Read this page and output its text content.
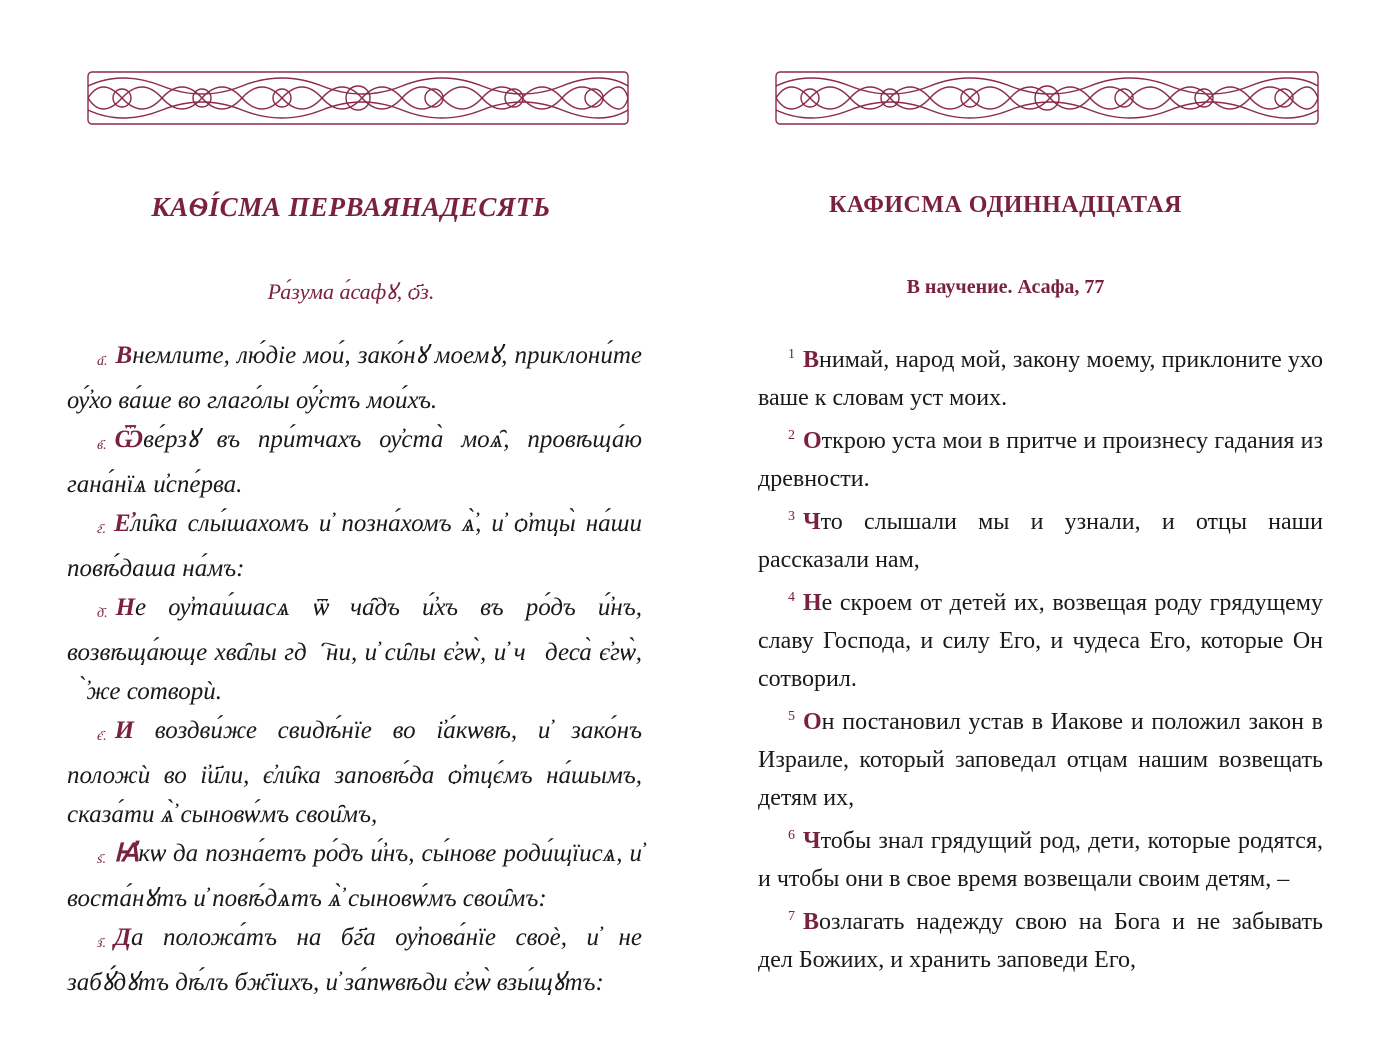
КАѲІ́СМА ПЕРВАЯНАДЕСЯТЬ
Ра́зума а́сафꙋ, ѻ҃з.

а҃. Внемлите, лю́діе мои́, зако́нꙋ моемꙋ, приклони́те ѹ҆́хо ва́ше во глаго́лы ѹ҆́стъ мои́хъ.

в҃. Ѿве́рзꙋ въ при́тчахъ ѹ҆ста̀ моѧ̑, провѣща́ю гана́нїѧ и҆спе́рва.

г҃. Е҆ли̑ка слы́шахомъ и҆ позна́хомъ ѧ҆̀, и҆ ѻ҆тцы̀ на́ши повѣ́даша на́мъ:

д҃. Не ѹ҆таи́шасѧ ѿ ча̑дъ и҆́хъ въ ро́дъ и҆́нъ, возвѣща́юще хва̑лы гдⷭ҇ни, и҆ си̑лы є҆гѡ̀, и҆ чꙋдеса̀ є҆гѡ̀, ꙗ҆̀же сотворѝ.

є҃. И воздви́же свидѣ́нїе во і҆а́кѡвѣ, и҆ зако́нъ положѝ во і҆и҃ли, є҆ли̑ка заповѣ́да ѻ҆тцє́мъ на́шымъ, сказа́ти ѧ҆̀ сыновѡ́мъ свои̑мъ,

ѕ҃. Ꙗ҆кѡ да позна́етъ ро́дъ и҆́нъ, сы́нове роди́щїисѧ, и҆ воста́нꙋтъ и҆ повѣ́дѧтъ ѧ҆̀ сыновѡ́мъ свои̑мъ:

з҃. Да положа́тъ на бг҃а ѹ҆пова́нїе своѐ, и҆ не забꙋ́дꙋтъ дѣ́лъ бж҃їихъ, и҆ за́пѡвѣди є҆гѡ̀ взы́щꙋтъ:

КАФИСМА ОДИННАДЦАТАЯ
В научение. Асафа, 77

$^1$ Внимай, народ мой, закону моему, приклоните ухо ваше к словам уст моих.

$^2$ Открою уста мои в притче и произнесу гадания из древности.

$^3$ Что слышали мы и узнали, и отцы наши рассказали нам,

$^4$ Не скроем от детей их, возвещая роду грядущему славу Господа, и силу Его, и чудеса Его, которые Он сотворил.

$^5$ Он постановил устав в Иакове и положил закон в Израиле, который заповедал отцам нашим возвещать детям их,

$^6$ Чтобы знал грядущий род, дети, которые родятся, и чтобы они в свое время возвещали своим детям, –

$^7$ Возлагать надежду свою на Бога и не забывать дел Божиих, и хранить заповеди Его,
